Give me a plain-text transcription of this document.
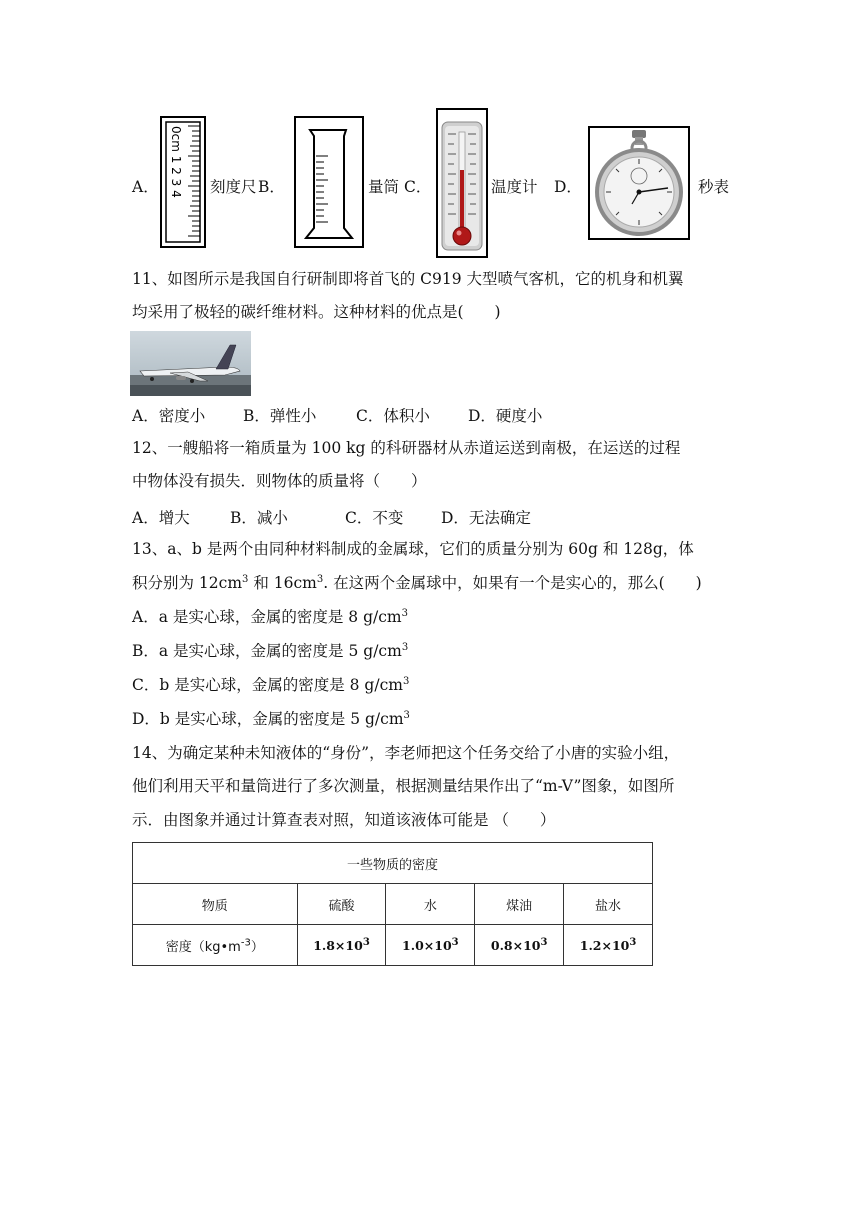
A． 0cm 1 2 3 4 刻度尺 B．	量筒 C．	温度计 D．	秒表
11、如图所示是我国自行研制即将首飞的 C919 大型喷气客机，它的机身和机翼
均采用了极轻的碳纤维材料。这种材料的优点是(　　)
A．密度小 B．弹性小	C．体积小 D．硬度小
12、一艘船将一箱质量为 100 kg 的科研器材从赤道运送到南极，在运送的过程
中物体没有损失．则物体的质量将（　　）
A．增大	B．减小	C．不变 D．无法确定
13、a、b 是两个由同种材料制成的金属球，它们的质量分别为 60g 和 128g，体
积分别为 $12cm^3$ 和 $16cm^3$. 在这两个金属球中，如果有一个是实心的，那么(　　)
A．a 是实心球，金属的密度是 8 $g/cm^3$
B．a 是实心球，金属的密度是 5 $g/cm^3$
C．b 是实心球，金属的密度是 8 $g/cm^3$
D．b 是实心球，金属的密度是 5 $g/cm^3$
14、为确定某种未知液体的“身份”，李老师把这个任务交给了小唐的实验小组，
他们利用天平和量筒进行了多次测量，根据测量结果作出了“m-V”图象，如图所
示．由图象并通过计算查表对照，知道该液体可能是 （　　）
一些物质的密度				
物质	硫酸	水	煤油	盐水
密度$(kg•m^{-3})$	$1.8\times 10^3$	$1.0\times 10^3$	$0.8\times 10^3$	$1.2\times 10^3$
